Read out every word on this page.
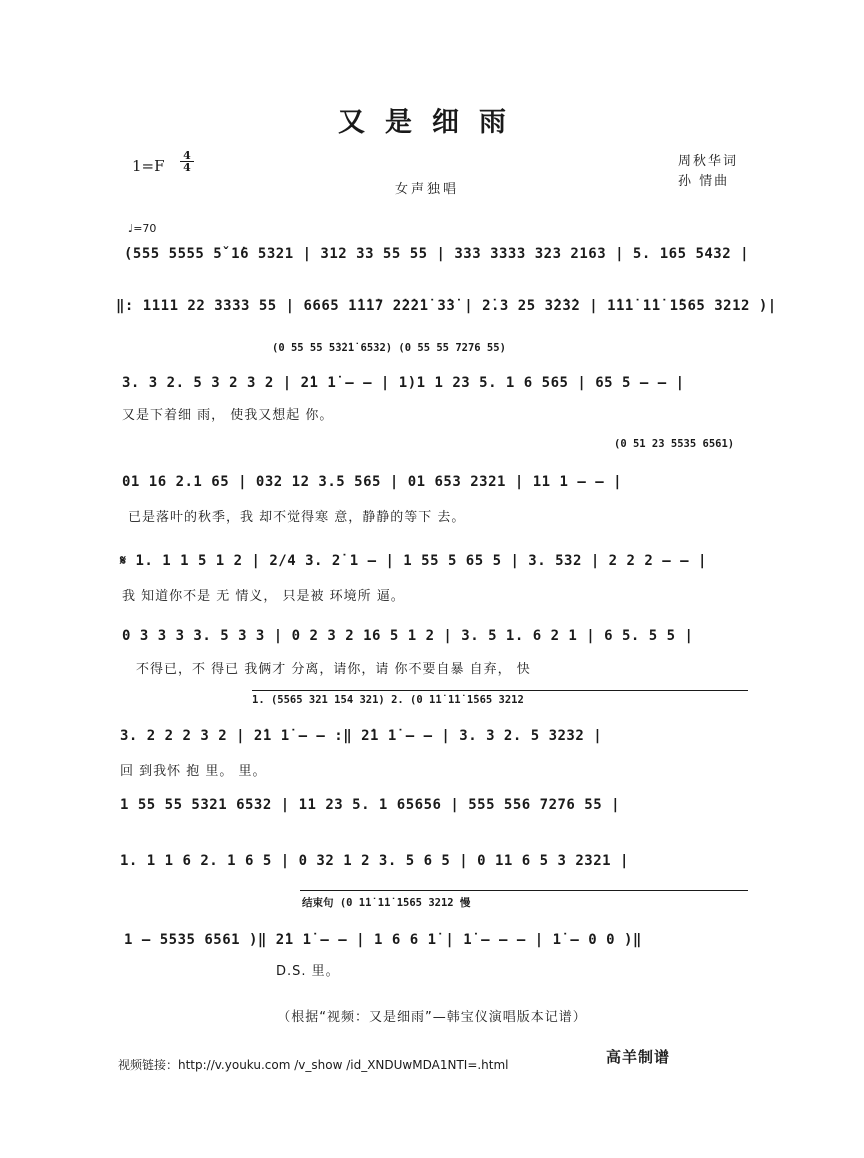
又是细雨
$1=F \frac{4}{4}$
女声独唱
周秋华词
孙 情曲
♩=70
(555 5555 5̌ 1̇6 5321 | 312 33 55 55 | 333 3333 323 2163 | 5. 165 5432 |
‖: 1111 22 3333 55 | 6665 1̇1̇1̇7 2̇2̇2̇1̇ 3̇3̇ | 2̇.3 25 3̇2̇3̇2 | 1̇1̇1̇ 1̇1̇ 1̇565 3212 )|
(0 55 55 5̇3̇2̇1̇ 6532) (0 55 55 7276 55)
3. 3 2. 5 3 2 3 2 | 2̇1 1̇ – – | 1)1 1 23 5. 1 6 565 | 65 5 – – |
又是下着细 雨， 使我又想起 你。
(0 51 23 5535 6561)
01 16 2.1 65 | 032 12 3.5 565 | 01 653 2321 | 11 1 – – |
已是落叶的秋季，我 却不觉得寒 意，静静的等下 去。
𝄋 1. 1 1 5 1 2 | 2/4 3. 2̇ 1 – | 1 55 5 65 5 | 3. 532 | 2 2 2 – – |
我 知道你不是 无 情义， 只是被 环境所 逼。
0 3 3 3 3. 5 3 3 | 0 2 3 2 16 5 1 2 | 3. 5 1. 6 2 1 | 6 5. 5 5 |
不得已，不 得已 我俩才 分离，请你，请 你不要自暴 自弃， 快
1. (5565 321 154 321) 2. (0 1̇1̇ 1̇1̇ 1̇565 3212
3. 2 2 2 3 2 | 2̇1 1̇ – – :‖ 2̇1 1̇ – – | 3. 3 2. 5 3232 |
回 到我怀 抱 里。 里。
1 55 55 5321 6532 | 11 23 5. 1 65656 | 555 556 7276 55 |
1. 1 1 6 2. 1 6 5 | 0 32 1 2 3. 5 6 5 | 0 11 6 5 3 2321 |
结束句 (0 1̇1̇ 1̇1̇ 1̇565 3212 慢
1 – 5535 6561 )‖ 2̇1 1̇ – – | 1 6 6 1̇ | 1̇ – – – | 1̇ – 0 0 )‖
D.S. 里。
（根据“视频：又是细雨”—韩宝仪演唱版本记谱）
视频链接：http://v.youku.com /v_show /id_XNDUwMDA1NTI=.html	高羊制谱
